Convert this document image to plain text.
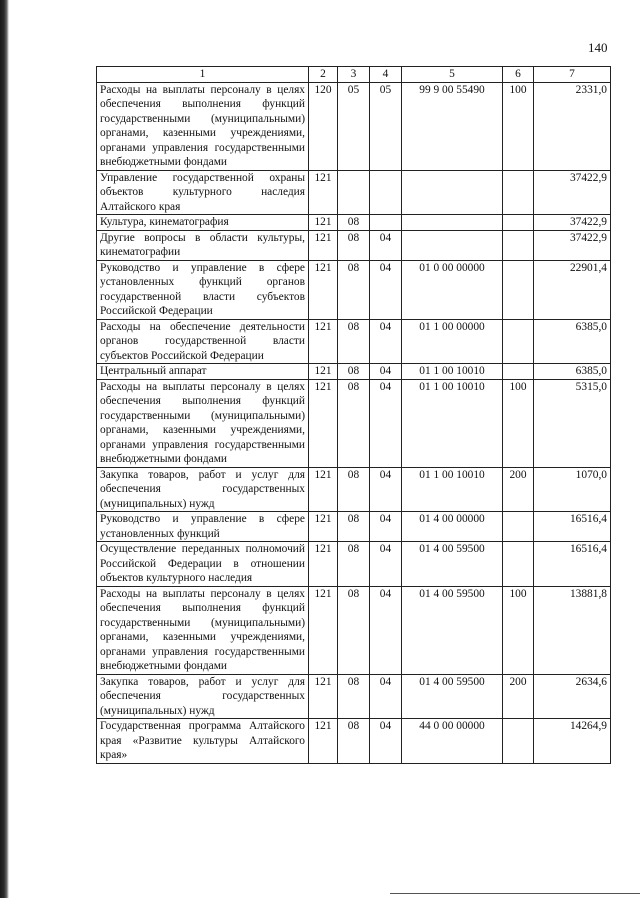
140
1	2	3	4	5	6	7
Расходы на выплаты персоналу в целях обеспечения выполнения функций государственными (муниципальными) органами, казенными учреждениями, органами управления государственными внебюджетными фондами	120	05	05	99 9 00 55490	100	2331,0
Управление государственной охраны объектов культурного наследия Алтайского края	121					37422,9
Культура, кинематография	121	08				37422,9
Другие вопросы в области культуры, кинематографии	121	08	04			37422,9
Руководство и управление в сфере установленных функций органов государственной власти субъектов Российской Федерации	121	08	04	01 0 00 00000		22901,4
Расходы на обеспечение деятельности органов государственной власти субъектов Российской Федерации	121	08	04	01 1 00 00000		6385,0
Центральный аппарат	121	08	04	01 1 00 10010		6385,0
Расходы на выплаты персоналу в целях обеспечения выполнения функций государственными (муниципальными) органами, казенными учреждениями, органами управления государственными внебюджетными фондами	121	08	04	01 1 00 10010	100	5315,0
Закупка товаров, работ и услуг для обеспечения государственных (муниципальных) нужд	121	08	04	01 1 00 10010	200	1070,0
Руководство и управление в сфере установленных функций	121	08	04	01 4 00 00000		16516,4
Осуществление переданных полномочий Российской Федерации в отношении объектов культурного наследия	121	08	04	01 4 00 59500		16516,4
Расходы на выплаты персоналу в целях обеспечения выполнения функций государственными (муниципальными) органами, казенными учреждениями, органами управления государственными внебюджетными фондами	121	08	04	01 4 00 59500	100	13881,8
Закупка товаров, работ и услуг для обеспечения государственных (муниципальных) нужд	121	08	04	01 4 00 59500	200	2634,6
Государственная программа Алтайского края «Развитие культуры Алтайского края»	121	08	04	44 0 00 00000		14264,9
